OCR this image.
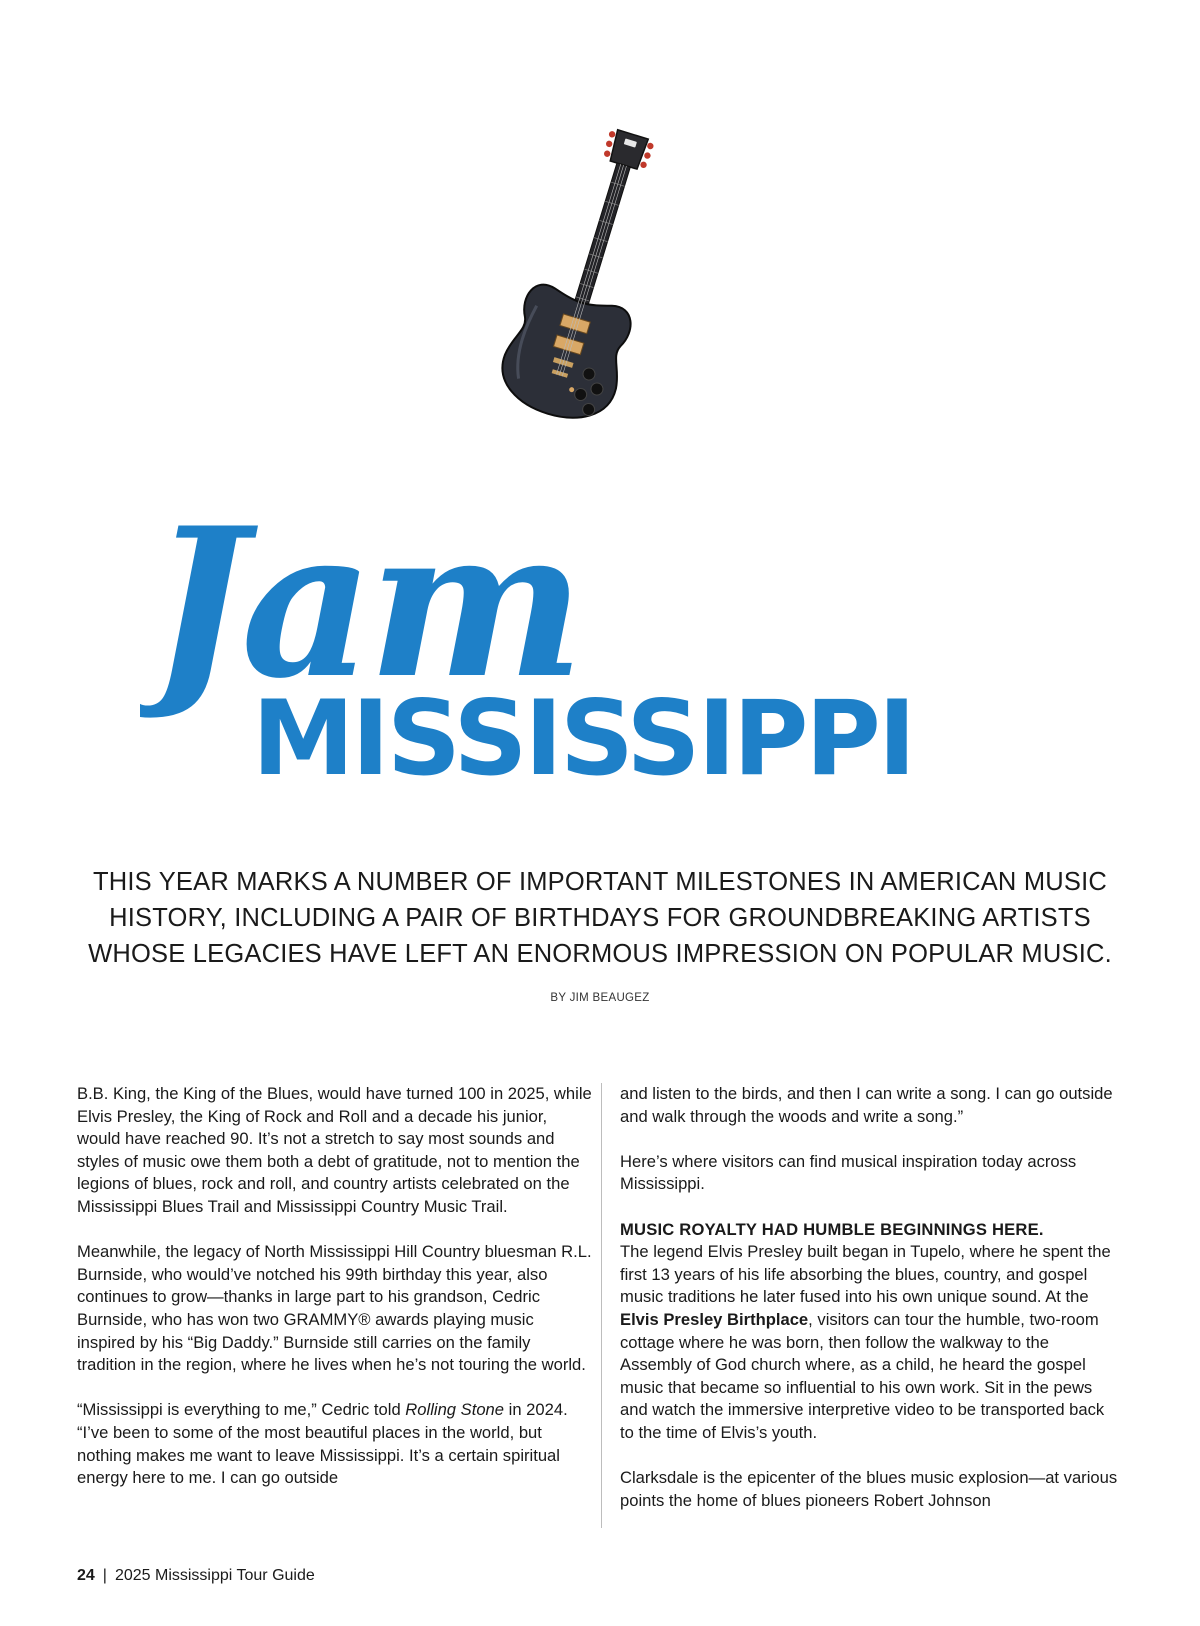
Jam
MISSISSIPPI
THIS YEAR MARKS A NUMBER OF IMPORTANT MILESTONES IN AMERICAN MUSIC HISTORY, INCLUDING A PAIR OF BIRTHDAYS FOR GROUNDBREAKING ARTISTS WHOSE LEGACIES HAVE LEFT AN ENORMOUS IMPRESSION ON POPULAR MUSIC.
BY JIM BEAUGEZ

B.B. King, the King of the Blues, would have turned 100 in 2025, while Elvis Presley, the King of Rock and Roll and a decade his junior, would have reached 90. It’s not a stretch to say most sounds and styles of music owe them both a debt of gratitude, not to mention the legions of blues, rock and roll, and country artists celebrated on the Mississippi Blues Trail and Mississippi Country Music Trail.

Meanwhile, the legacy of North Mississippi Hill Country bluesman R.L. Burnside, who would’ve notched his 99th birthday this year, also continues to grow—thanks in large part to his grandson, Cedric Burnside, who has won two GRAMMY® awards playing music inspired by his “Big Daddy.” Burnside still carries on the family tradition in the region, where he lives when he’s not touring the world.

“Mississippi is everything to me,” Cedric told Rolling Stone in 2024. “I’ve been to some of the most beautiful places in the world, but nothing makes me want to leave Mississippi. It’s a certain spiritual energy here to me. I can go outside

and listen to the birds, and then I can write a song. I can go outside and walk through the woods and write a song.”

Here’s where visitors can find musical inspiration today across Mississippi.

MUSIC ROYALTY HAD HUMBLE BEGINNINGS HERE.
The legend Elvis Presley built began in Tupelo, where he spent the first 13 years of his life absorbing the blues, country, and gospel music traditions he later fused into his own unique sound. At the Elvis Presley Birthplace, visitors can tour the humble, two-room cottage where he was born, then follow the walkway to the Assembly of God church where, as a child, he heard the gospel music that became so influential to his own work. Sit in the pews and watch the immersive interpretive video to be transported back to the time of Elvis’s youth.

Clarksdale is the epicenter of the blues music explosion—at various points the home of blues pioneers Robert Johnson

24 | 2025 Mississippi Tour Guide
